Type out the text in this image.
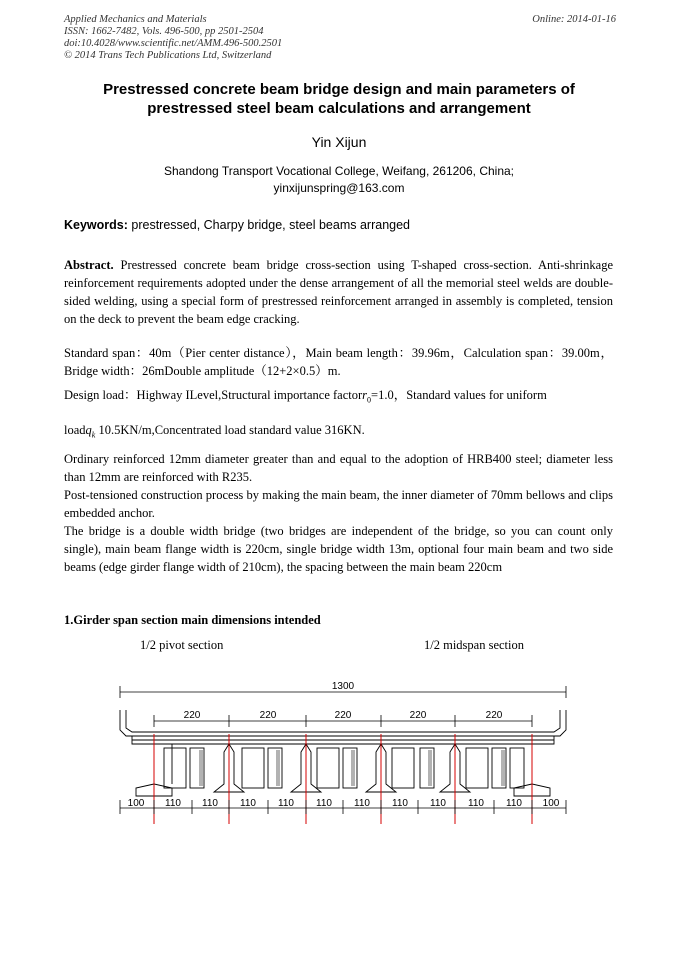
Applied Mechanics and Materials
ISSN: 1662-7482, Vols. 496-500, pp 2501-2504
doi:10.4028/www.scientific.net/AMM.496-500.2501
© 2014 Trans Tech Publications Ltd, Switzerland
Online: 2014-01-16
Prestressed concrete beam bridge design and main parameters of
prestressed steel beam calculations and arrangement
Yin Xijun
Shandong Transport Vocational College, Weifang, 261206, China;
yinxijunspring@163.com
Keywords: prestressed, Charpy bridge, steel beams arranged
Abstract. Prestressed concrete beam bridge cross-section using T-shaped cross-section. Anti-shrinkage reinforcement requirements adopted under the dense arrangement of all the memorial steel welds are double-sided welding, using a special form of prestressed reinforcement arranged in assembly is completed, tension on the deck to prevent the beam edge cracking.
Standard span：40m（Pier center distance），Main beam length：39.96m，Calculation span：39.00m，Bridge width：26mDouble amplitude（12+2×0.5）m.
Design load：Highway ILevel,Structural importance factorr$_0$=1.0，Standard values for uniform
loadq$_k$ 10.5KN/m,Concentrated load standard value 316KN.
Ordinary reinforced 12mm diameter greater than and equal to the adoption of HRB400 steel; diameter less than 12mm are reinforced with R235.
Post-tensioned construction process by making the main beam, the inner diameter of 70mm bellows and clips embedded anchor.
The bridge is a double width bridge (two bridges are independent of the bridge, so you can count only single), main beam flange width is 220cm, single bridge width 13m, optional four main beam and two side beams (edge girder flange width of 210cm), the spacing between the main beam 220cm
1.Girder span section main dimensions intended
1/2 pivot section	1/2 midspan section
1300
220	220	220	220	220
100 110 110 110 110 110 110 110 110 110 110 100
